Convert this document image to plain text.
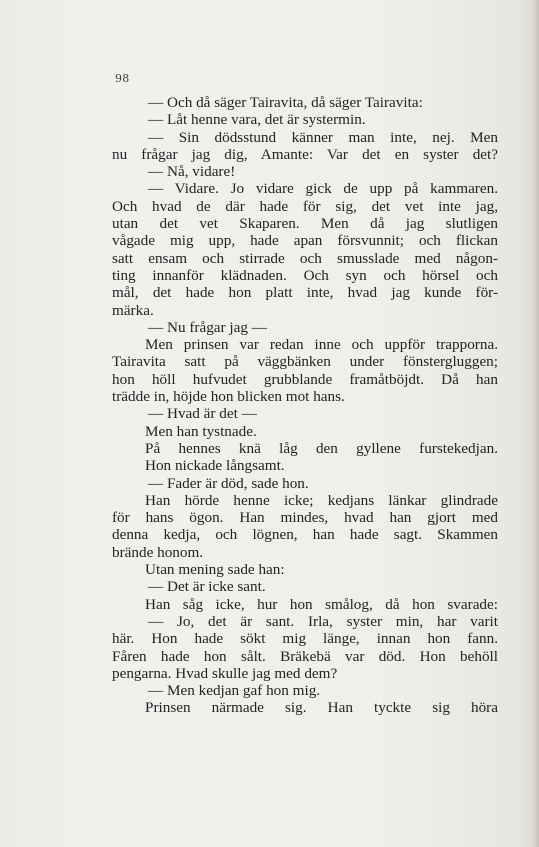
98
— Och då säger Tairavita, då säger Tairavita:
— Låt henne vara, det är systermin.
— Sin dödsstund känner man inte, nej. Men
nu frågar jag dig, Amante: Var det en syster det?
— Nå, vidare!
— Vidare. Jo vidare gick de upp på kammaren.
Och hvad de där hade för sig, det vet inte jag,
utan det vet Skaparen. Men då jag slutligen
vågade mig upp, hade apan försvunnit; och flickan
satt ensam och stirrade och smusslade med någon-
ting innanför klädnaden. Och syn och hörsel och
mål, det hade hon platt inte, hvad jag kunde för-
märka.
— Nu frågar jag —
Men prinsen var redan inne och uppför trapporna.
Tairavita satt på väggbänken under fönstergluggen;
hon höll hufvudet grubblande framåtböjdt. Då han
trädde in, höjde hon blicken mot hans.
— Hvad är det —
Men han tystnade.
På hennes knä låg den gyllene furstekedjan.
Hon nickade långsamt.
— Fader är död, sade hon.
Han hörde henne icke; kedjans länkar glindrade
för hans ögon. Han mindes, hvad han gjort med
denna kedja, och lögnen, han hade sagt. Skammen
brände honom.
Utan mening sade han:
— Det är icke sant.
Han såg icke, hur hon smålog, då hon svarade:
— Jo, det är sant. Irla, syster min, har varit
här. Hon hade sökt mig länge, innan hon fann.
Fåren hade hon sålt. Bräkebä var död. Hon behöll
pengarna. Hvad skulle jag med dem?
— Men kedjan gaf hon mig.
Prinsen närmade sig. Han tyckte sig höra
